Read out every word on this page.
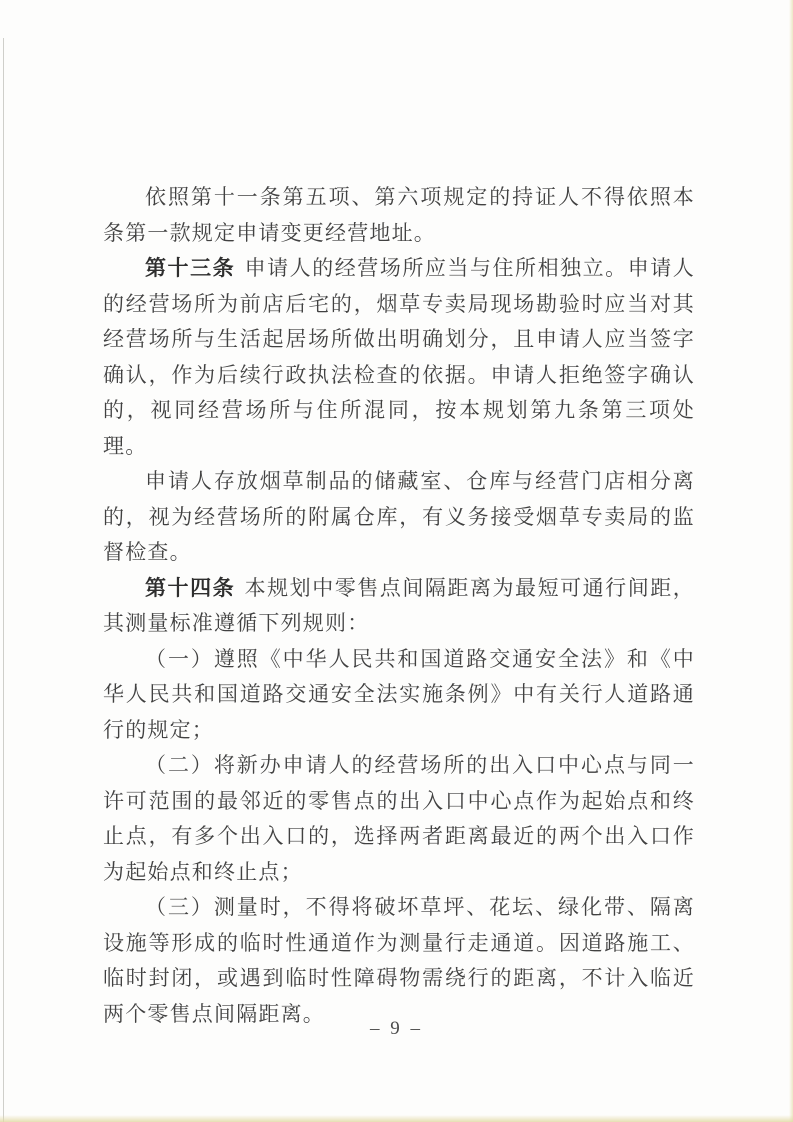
依照第十一条第五项、第六项规定的持证人不得依照本条第一款规定申请变更经营地址。

第十三条 申请人的经营场所应当与住所相独立。申请人的经营场所为前店后宅的，烟草专卖局现场勘验时应当对其经营场所与生活起居场所做出明确划分，且申请人应当签字确认，作为后续行政执法检查的依据。申请人拒绝签字确认的，视同经营场所与住所混同，按本规划第九条第三项处理。

申请人存放烟草制品的储藏室、仓库与经营门店相分离的，视为经营场所的附属仓库，有义务接受烟草专卖局的监督检查。

第十四条 本规划中零售点间隔距离为最短可通行间距，其测量标准遵循下列规则：

（一）遵照《中华人民共和国道路交通安全法》和《中华人民共和国道路交通安全法实施条例》中有关行人道路通行的规定；

（二）将新办申请人的经营场所的出入口中心点与同一许可范围的最邻近的零售点的出入口中心点作为起始点和终止点，有多个出入口的，选择两者距离最近的两个出入口作为起始点和终止点；

（三）测量时，不得将破坏草坪、花坛、绿化带、隔离设施等形成的临时性通道作为测量行走通道。因道路施工、临时封闭，或遇到临时性障碍物需绕行的距离，不计入临近两个零售点间隔距离。

– 9 –
